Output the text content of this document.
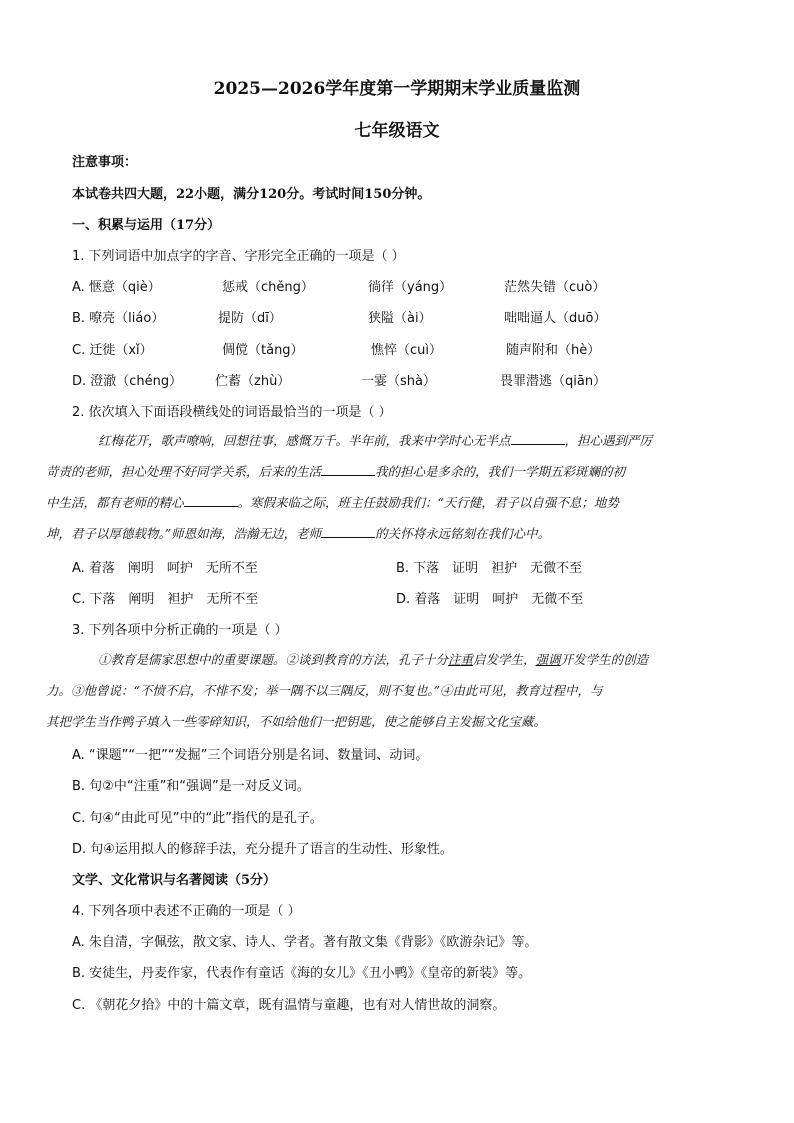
2025—2026学年度第一学期期末学业质量监测
七年级语文
注意事项：
本试卷共四大题，22小题，满分120分。考试时间150分钟。
一、积累与运用（17分）
1. 下列词语中加点字的字音、字形完全正确的一项是（ ）
A. 惬意（qiè）	惩戒（chěng）	徜徉（yáng）	茫然失错（cuò）
B. 嘹亮（liáo）	提防（dī）	狭隘（ài）	咄咄逼人（duō）
C. 迁徙（xǐ）	倜傥（tǎng）	憔悴（cuì）	随声附和（hè）
D. 澄澈（chéng）	伫蓄（zhù）	一霎（shà）	畏罪潜逃（qiān）
2. 依次填入下面语段横线处的词语最恰当的一项是（ ）
红梅花开，歌声嘹响，回想往事，感慨万千。半年前，我来中学时心无半点	，担心遇到严厉
苛责的老师，担心处理不好同学关系，后来的生活	我的担心是多余的，我们一学期五彩斑斓的初
中生活，都有老师的精心	。寒假来临之际，班主任鼓励我们：“天行健，君子以自强不息；地势
坤，君子以厚德载物。”师恩如海，浩瀚无边，老师	的关怀将永远铭刻在我们心中。
A. 着落　阐明　呵护　无所不至	B. 下落　证明　袒护　无微不至
C. 下落　阐明　袒护　无所不至	D. 着落　证明　呵护　无微不至
3. 下列各项中分析正确的一项是（ ）
①教育是儒家思想中的重要课题。②谈到教育的方法，孔子十分注重启发学生，强调开发学生的创造
力。③他曾说：“不愤不启，不悱不发；举一隅不以三隅反，则不复也。”④由此可见，教育过程中，与
其把学生当作鸭子填入一些零碎知识，不如给他们一把钥匙，使之能够自主发掘文化宝藏。
A. “课题”“一把”“发掘”三个词语分别是名词、数量词、动词。
B. 句②中“注重”和“强调”是一对反义词。
C. 句④“由此可见”中的“此”指代的是孔子。
D. 句④运用拟人的修辞手法，充分提升了语言的生动性、形象性。
文学、文化常识与名著阅读（5分）
4. 下列各项中表述不正确的一项是（ ）
A. 朱自清，字佩弦，散文家、诗人、学者。著有散文集《背影》《欧游杂记》等。
B. 安徒生，丹麦作家，代表作有童话《海的女儿》《丑小鸭》《皇帝的新装》等。
C. 《朝花夕拾》中的十篇文章，既有温情与童趣，也有对人情世故的洞察。
